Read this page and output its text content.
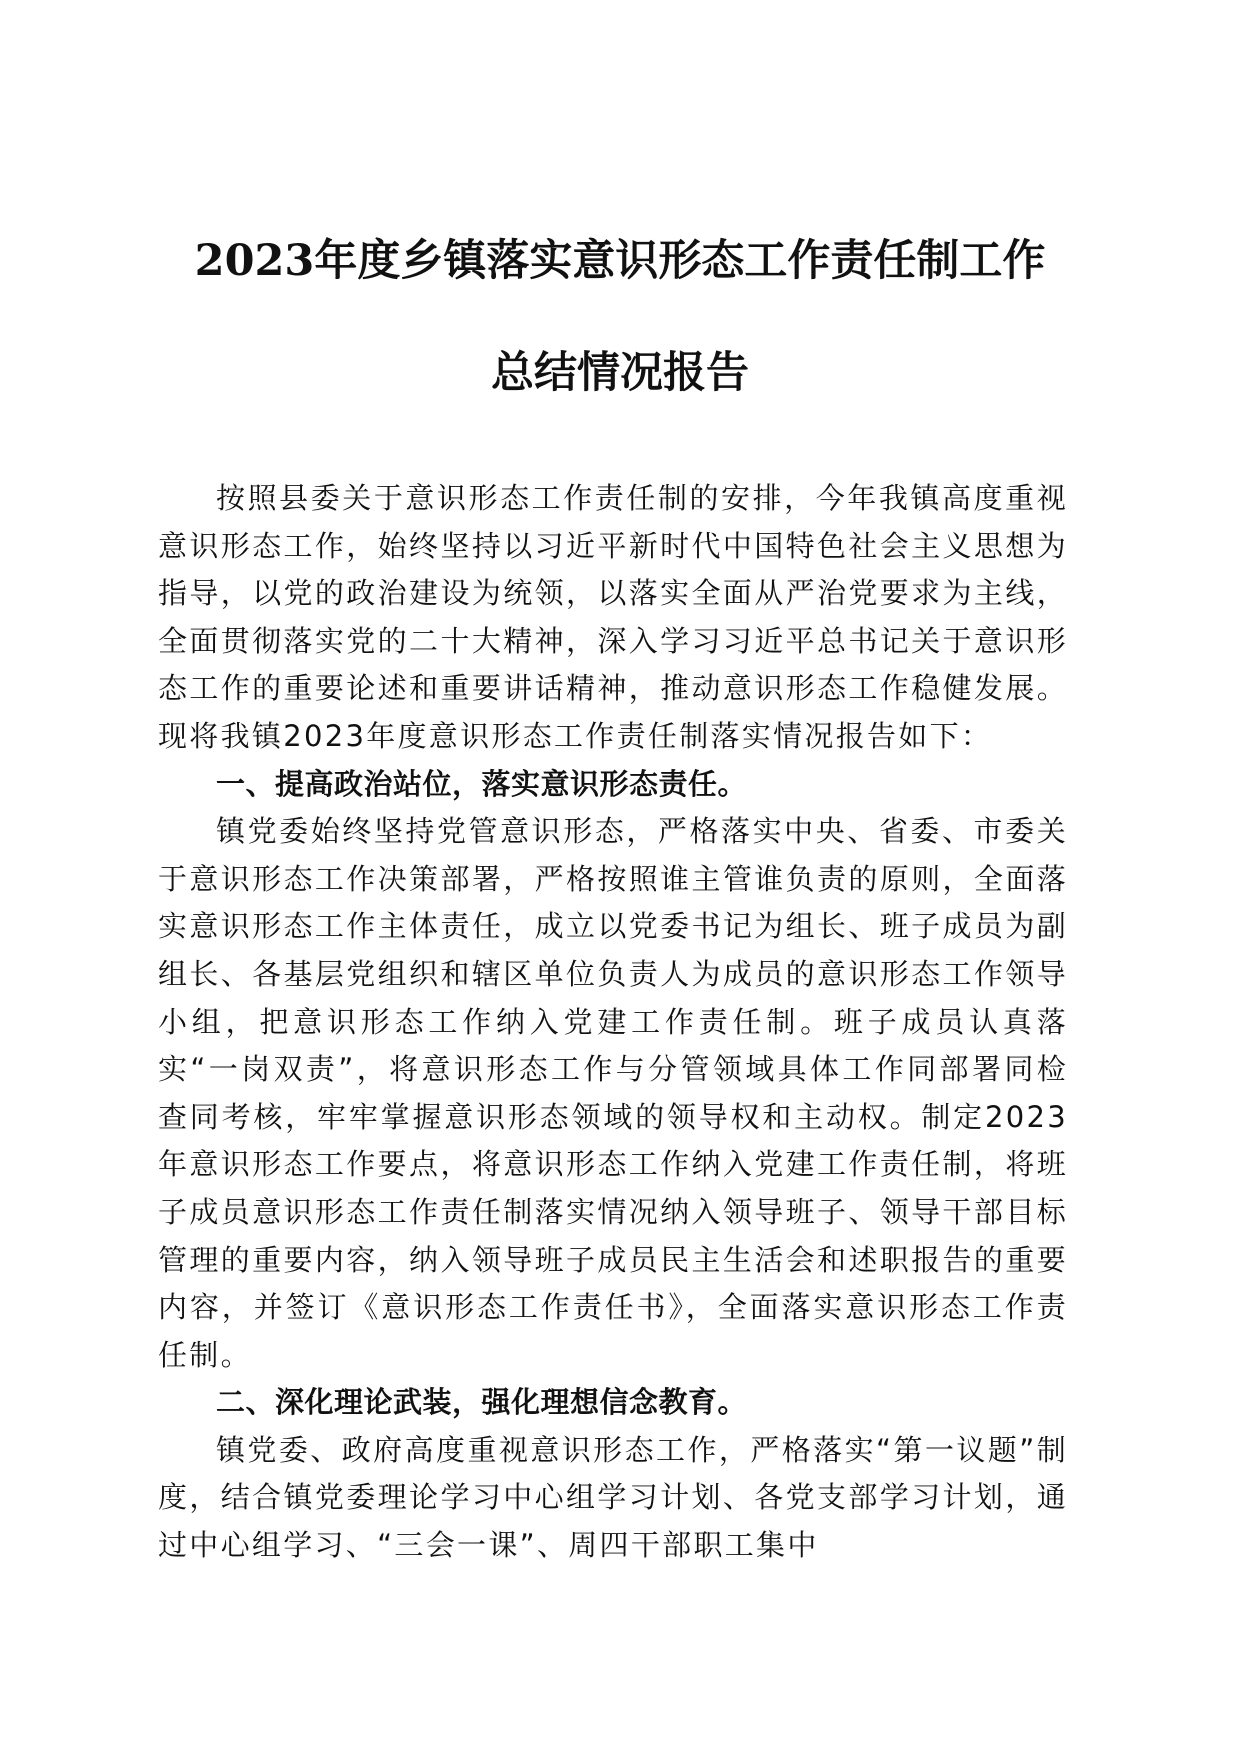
2023年度乡镇落实意识形态工作责任制工作
总结情况报告

按照县委关于意识形态工作责任制的安排，今年我镇高度重视意识形态工作，始终坚持以习近平新时代中国特色社会主义思想为指导，以党的政治建设为统领，以落实全面从严治党要求为主线，全面贯彻落实党的二十大精神，深入学习习近平总书记关于意识形态工作的重要论述和重要讲话精神，推动意识形态工作稳健发展。现将我镇2023年度意识形态工作责任制落实情况报告如下：

一、提高政治站位，落实意识形态责任。

镇党委始终坚持党管意识形态，严格落实中央、省委、市委关于意识形态工作决策部署，严格按照谁主管谁负责的原则，全面落实意识形态工作主体责任，成立以党委书记为组长、班子成员为副组长、各基层党组织和辖区单位负责人为成员的意识形态工作领导小组，把意识形态工作纳入党建工作责任制。班子成员认真落实“一岗双责”，将意识形态工作与分管领域具体工作同部署同检查同考核，牢牢掌握意识形态领域的领导权和主动权。制定2023年意识形态工作要点，将意识形态工作纳入党建工作责任制，将班子成员意识形态工作责任制落实情况纳入领导班子、领导干部目标管理的重要内容，纳入领导班子成员民主生活会和述职报告的重要内容，并签订《意识形态工作责任书》，全面落实意识形态工作责任制。

二、深化理论武装，强化理想信念教育。

镇党委、政府高度重视意识形态工作，严格落实“第一议题”制度，结合镇党委理论学习中心组学习计划、各党支部学习计划，通过中心组学习、“三会一课”、周四干部职工集中
